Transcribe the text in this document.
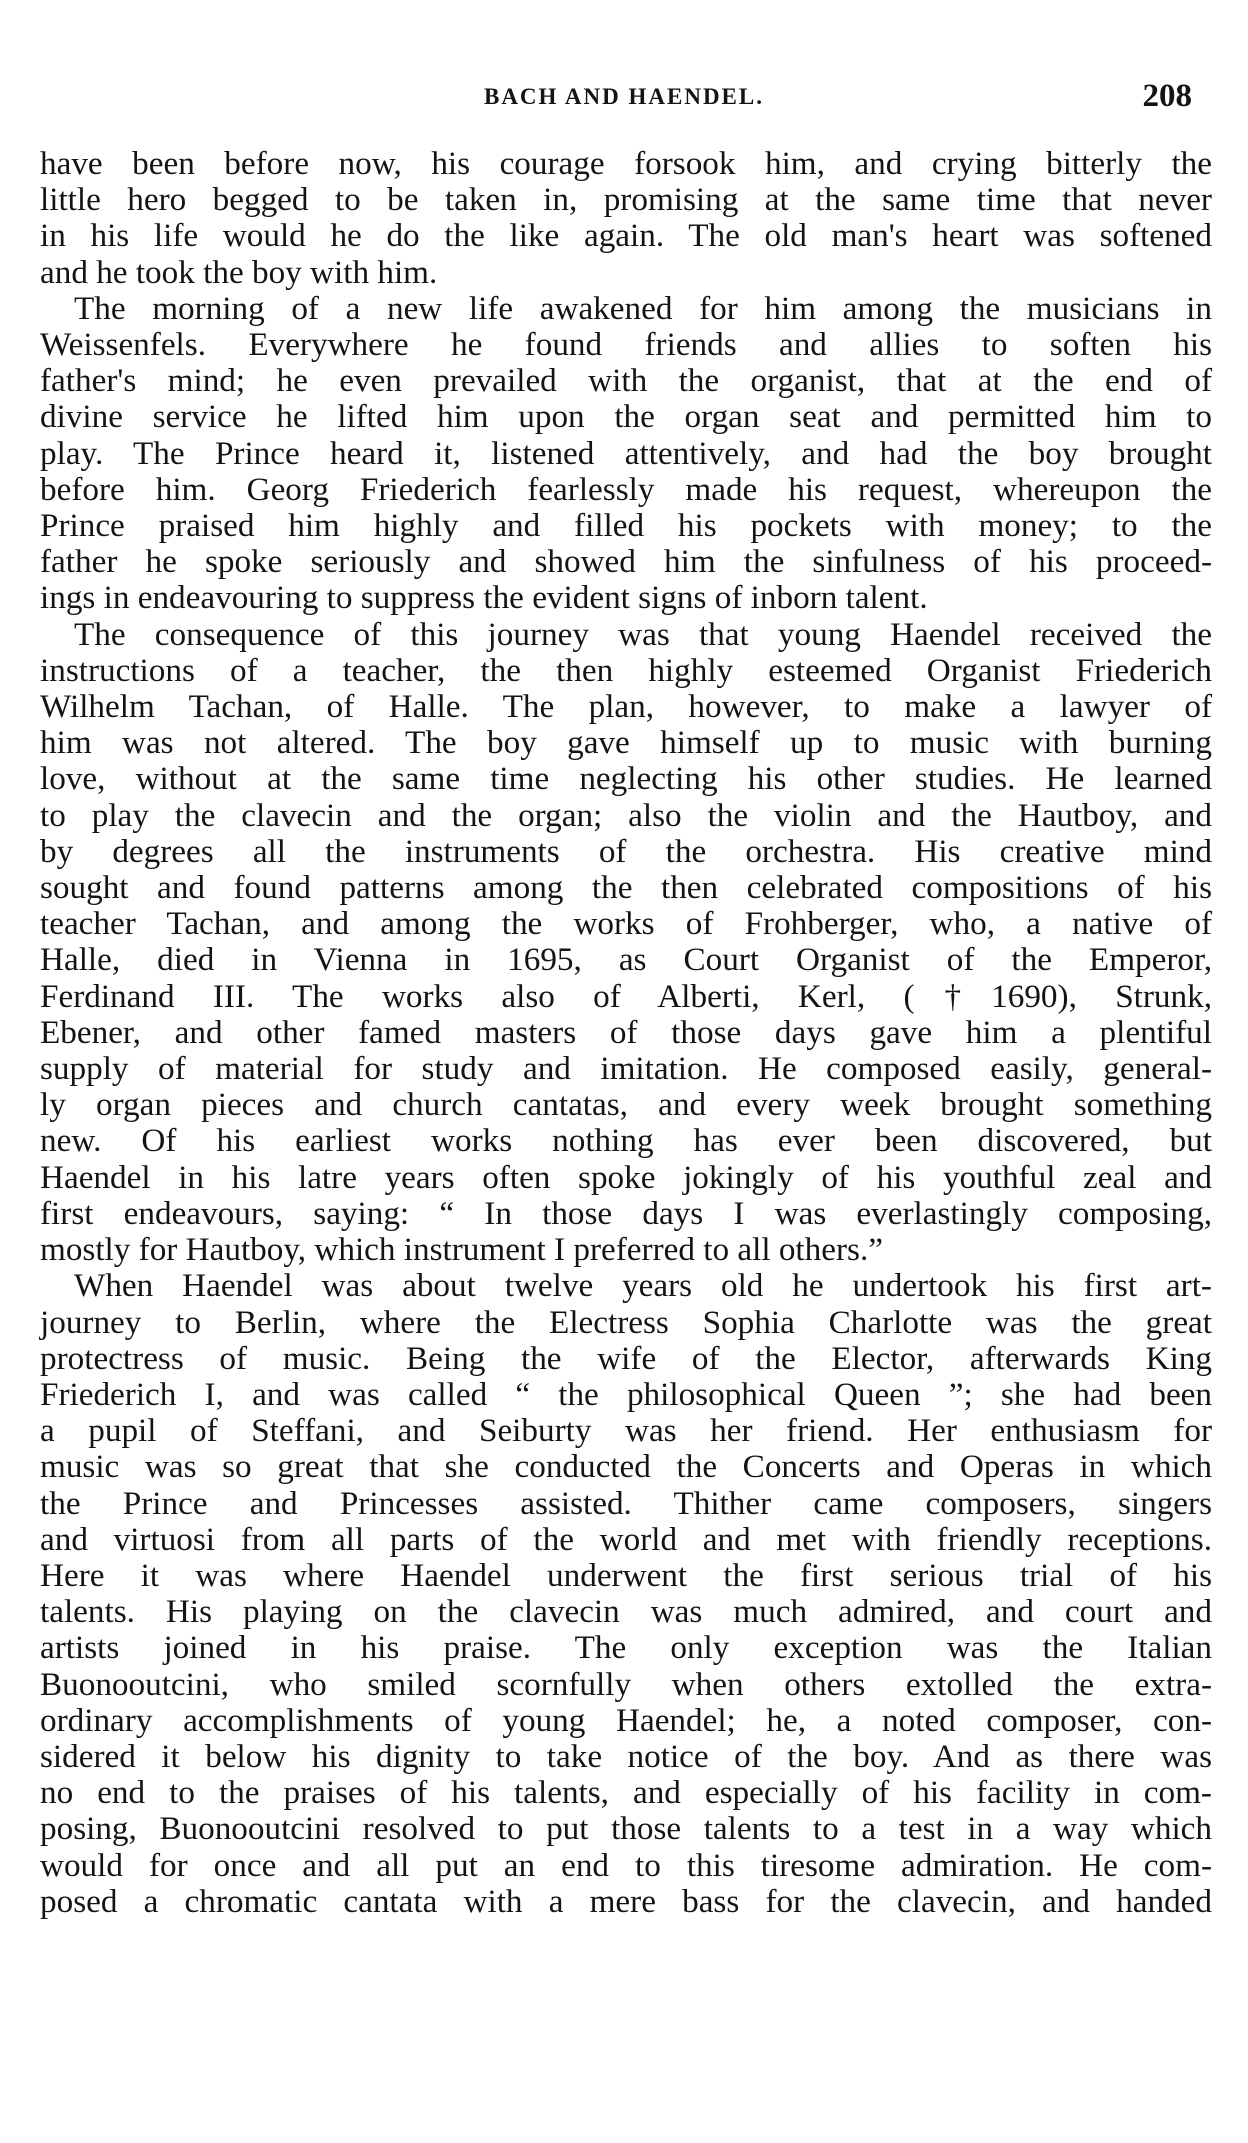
BACH AND HAENDEL.	208

have been before now, his courage forsook him, and crying bitterly the

little hero begged to be taken in, promising at the same time that never

in his life would he do the like again. The old man's heart was softened

and he took the boy with him.

The morning of a new life awakened for him among the musicians in

Weissenfels. Everywhere he found friends and allies to soften his

father's mind; he even prevailed with the organist, that at the end of

divine service he lifted him upon the organ seat and permitted him to

play. The Prince heard it, listened attentively, and had the boy brought

before him. Georg Friederich fearlessly made his request, whereupon the

Prince praised him highly and filled his pockets with money; to the

father he spoke seriously and showed him the sinfulness of his proceed-

ings in endeavouring to suppress the evident signs of inborn talent.

The consequence of this journey was that young Haendel received the

instructions of a teacher, the then highly esteemed Organist Friederich

Wilhelm Tachan, of Halle. The plan, however, to make a lawyer of

him was not altered. The boy gave himself up to music with burning

love, without at the same time neglecting his other studies. He learned

to play the clavecin and the organ; also the violin and the Hautboy, and

by degrees all the instruments of the orchestra. His creative mind

sought and found patterns among the then celebrated compositions of his

teacher Tachan, and among the works of Frohberger, who, a native of

Halle, died in Vienna in 1695, as Court Organist of the Emperor,

Ferdinand III. The works also of Alberti, Kerl, (†1690), Strunk,

Ebener, and other famed masters of those days gave him a plentiful

supply of material for study and imitation. He composed easily, general-

ly organ pieces and church cantatas, and every week brought something

new. Of his earliest works nothing has ever been discovered, but

Haendel in his latre years often spoke jokingly of his youthful zeal and

first endeavours, saying: “ In those days I was everlastingly composing,

mostly for Hautboy, which instrument I preferred to all others.”

When Haendel was about twelve years old he undertook his first art-

journey to Berlin, where the Electress Sophia Charlotte was the great

protectress of music. Being the wife of the Elector, afterwards King

Friederich I, and was called “ the philosophical Queen ”; she had been

a pupil of Steffani, and Seiburty was her friend. Her enthusiasm for

music was so great that she conducted the Concerts and Operas in which

the Prince and Princesses assisted. Thither came composers, singers

and virtuosi from all parts of the world and met with friendly receptions.

Here it was where Haendel underwent the first serious trial of his

talents. His playing on the clavecin was much admired, and court and

artists joined in his praise. The only exception was the Italian

Buonooutcini, who smiled scornfully when others extolled the extra-

ordinary accomplishments of young Haendel; he, a noted composer, con-

sidered it below his dignity to take notice of the boy. And as there was

no end to the praises of his talents, and especially of his facility in com-

posing, Buonooutcini resolved to put those talents to a test in a way which

would for once and all put an end to this tiresome admiration. He com-

posed a chromatic cantata with a mere bass for the clavecin, and handed
